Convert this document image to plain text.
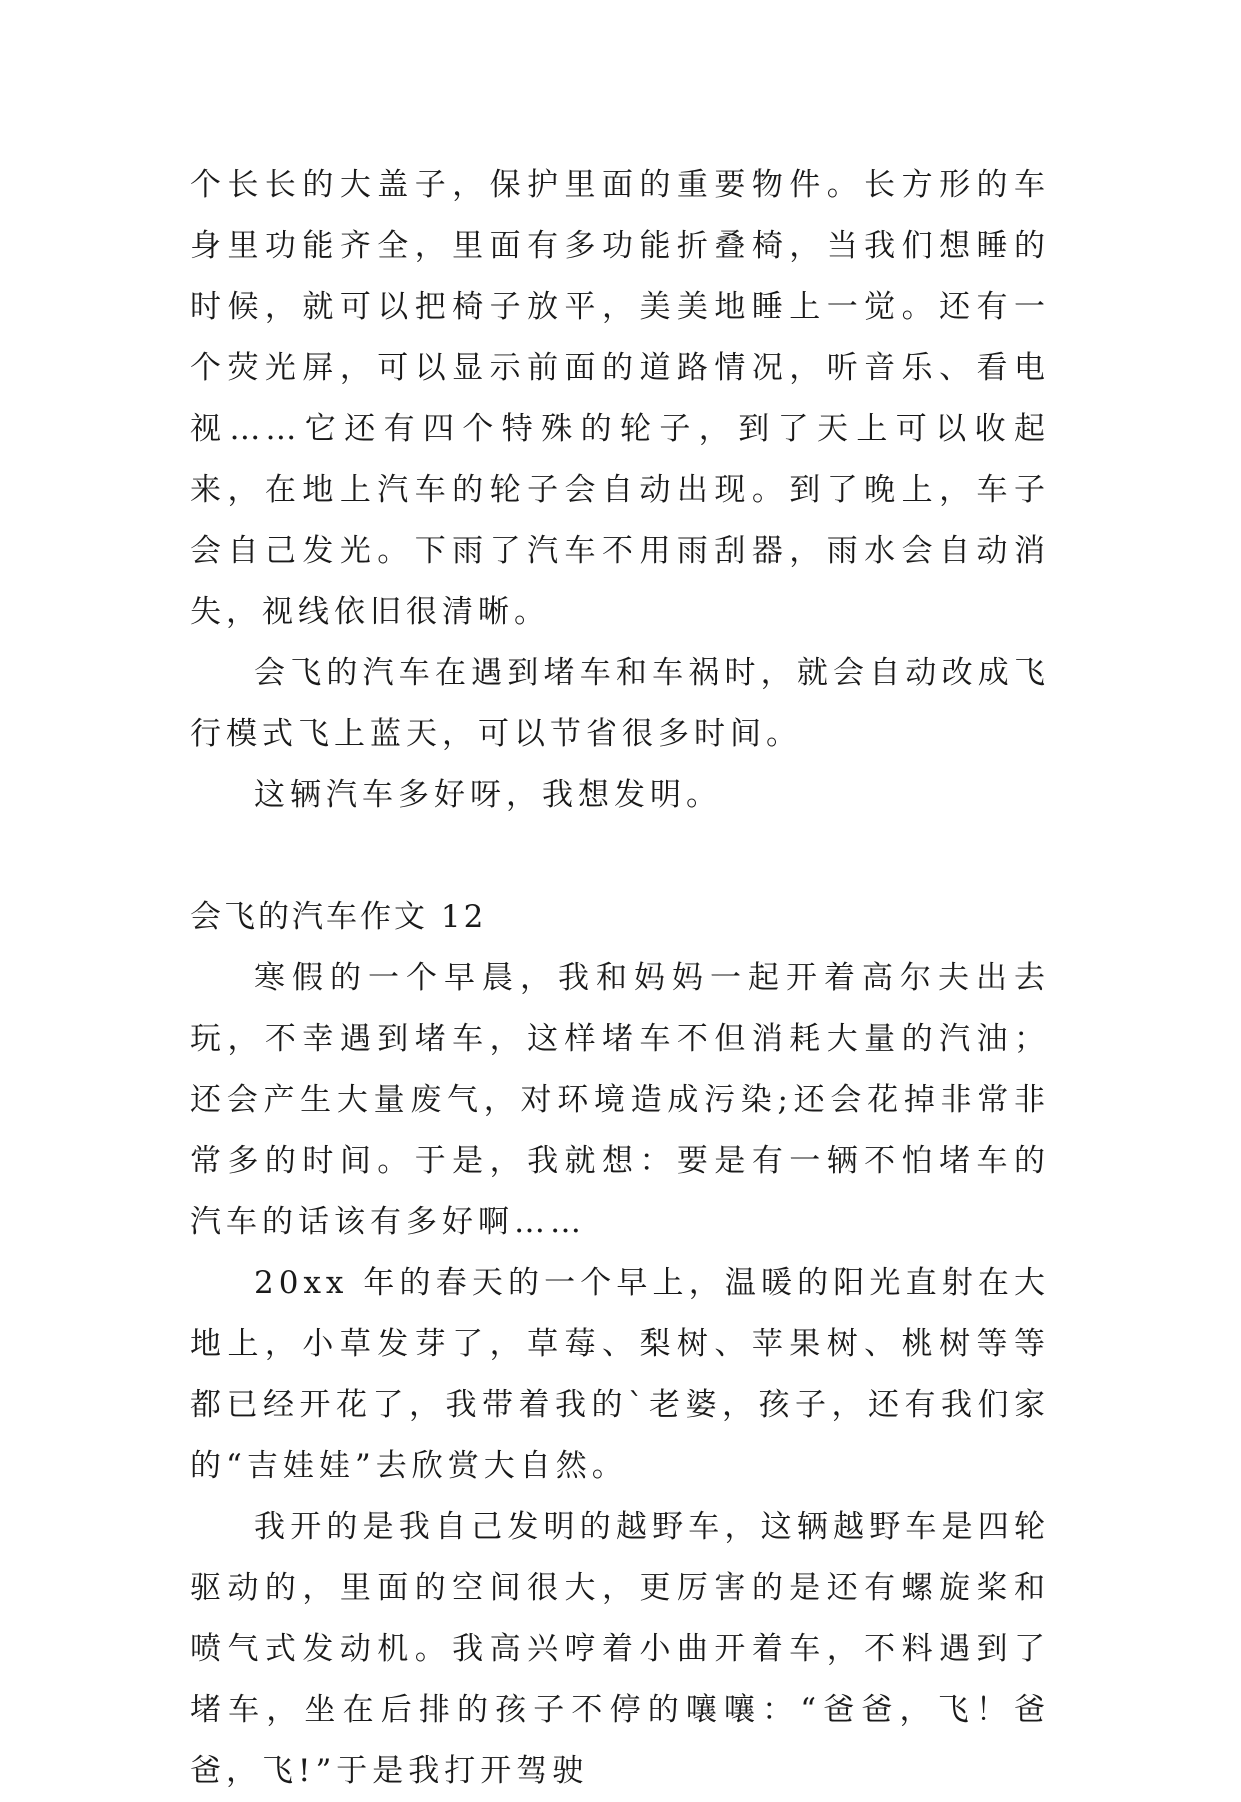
个长长的大盖子，保护里面的重要物件。长方形的车身里功能齐全，里面有多功能折叠椅，当我们想睡的时候，就可以把椅子放平，美美地睡上一觉。还有一个荧光屏，可以显示前面的道路情况，听音乐、看电视……它还有四个特殊的轮子，到了天上可以收起来，在地上汽车的轮子会自动出现。到了晚上，车子会自己发光。下雨了汽车不用雨刮器，雨水会自动消失，视线依旧很清晰。

会飞的汽车在遇到堵车和车祸时，就会自动改成飞行模式飞上蓝天，可以节省很多时间。

这辆汽车多好呀，我想发明。

会飞的汽车作文 12

寒假的一个早晨，我和妈妈一起开着高尔夫出去玩，不幸遇到堵车，这样堵车不但消耗大量的汽油；还会产生大量废气，对环境造成污染;还会花掉非常非常多的时间。于是，我就想：要是有一辆不怕堵车的汽车的话该有多好啊……

20xx 年的春天的一个早上，温暖的阳光直射在大地上，小草发芽了，草莓、梨树、苹果树、桃树等等都已经开花了，我带着我的`老婆，孩子，还有我们家的“吉娃娃”去欣赏大自然。

我开的是我自己发明的越野车，这辆越野车是四轮驱动的，里面的空间很大，更厉害的是还有螺旋桨和喷气式发动机。我高兴哼着小曲开着车，不料遇到了堵车，坐在后排的孩子不停的嚷嚷：“爸爸，飞！爸爸，飞!”于是我打开驾驶
